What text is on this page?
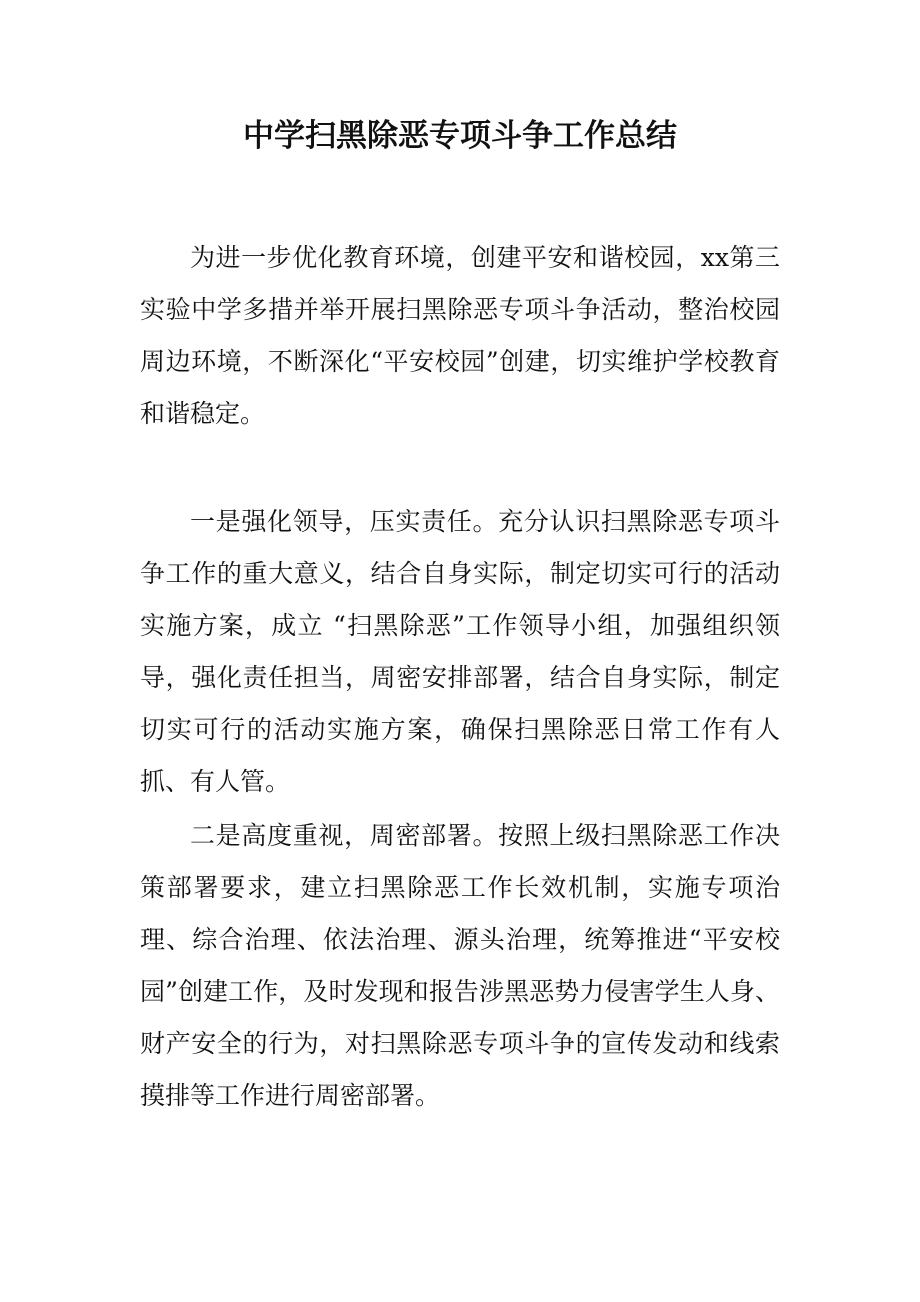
中学扫黑除恶专项斗争工作总结

为进一步优化教育环境，创建平安和谐校园，xx第三实验中学多措并举开展扫黑除恶专项斗争活动，整治校园周边环境，不断深化“平安校园”创建，切实维护学校教育和谐稳定。

一是强化领导，压实责任。充分认识扫黑除恶专项斗争工作的重大意义，结合自身实际，制定切实可行的活动实施方案，成立 “扫黑除恶”工作领导小组，加强组织领导，强化责任担当，周密安排部署，结合自身实际，制定切实可行的活动实施方案，确保扫黑除恶日常工作有人抓、有人管。

二是高度重视，周密部署。按照上级扫黑除恶工作决策部署要求，建立扫黑除恶工作长效机制，实施专项治理、综合治理、依法治理、源头治理，统筹推进“平安校园”创建工作，及时发现和报告涉黑恶势力侵害学生人身、财产安全的行为，对扫黑除恶专项斗争的宣传发动和线索摸排等工作进行周密部署。
